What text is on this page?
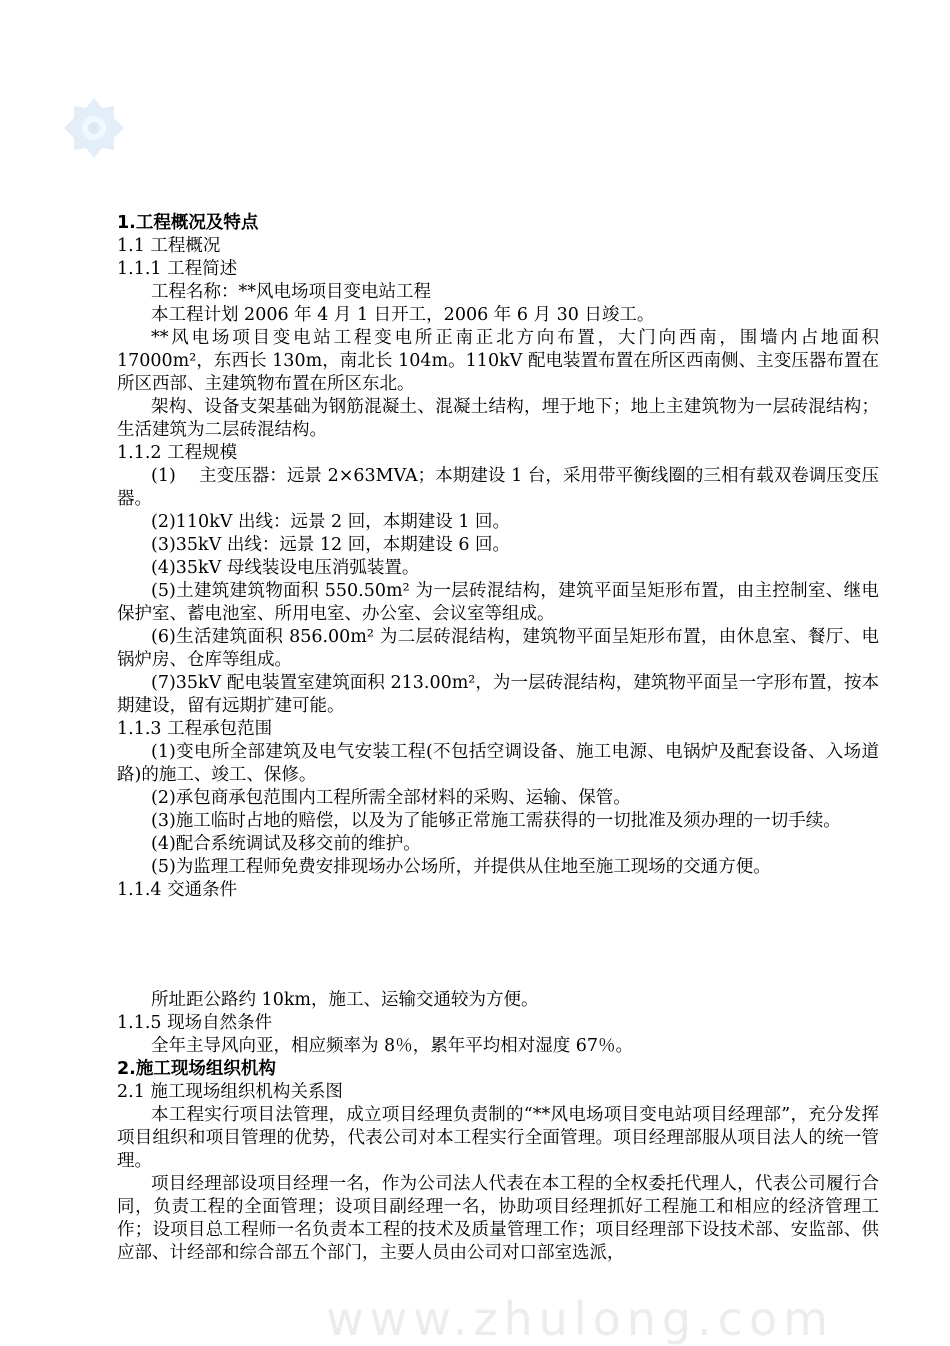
1.工程概况及特点

1.1 工程概况

1.1.1 工程简述

工程名称：**风电场项目变电站工程

本工程计划 2006 年 4 月 1 日开工，2006 年 6 月 30 日竣工。

**风电场项目变电站工程变电所正南正北方向布置，大门向西南，围墙内占地面积 17000m²，东西长 130m，南北长 104m。110kV 配电装置布置在所区西南侧、主变压器布置在所区西部、主建筑物布置在所区东北。

架构、设备支架基础为钢筋混凝土、混凝土结构，埋于地下；地上主建筑物为一层砖混结构；生活建筑为二层砖混结构。

1.1.2 工程规模

(1)　 主变压器：远景 2×63MVA；本期建设 1 台，采用带平衡线圈的三相有载双卷调压变压器。

(2)110kV 出线：远景 2 回，本期建设 1 回。

(3)35kV 出线：远景 12 回，本期建设 6 回。

(4)35kV 母线装设电压消弧装置。

(5)土建筑建筑物面积 550.50m² 为一层砖混结构，建筑平面呈矩形布置，由主控制室、继电保护室、蓄电池室、所用电室、办公室、会议室等组成。

(6)生活建筑面积 856.00m² 为二层砖混结构，建筑物平面呈矩形布置，由休息室、餐厅、电锅炉房、仓库等组成。

(7)35kV 配电装置室建筑面积 213.00m²，为一层砖混结构，建筑物平面呈一字形布置，按本期建设，留有远期扩建可能。

1.1.3 工程承包范围

(1)变电所全部建筑及电气安装工程(不包括空调设备、施工电源、电锅炉及配套设备、入场道路)的施工、竣工、保修。

(2)承包商承包范围内工程所需全部材料的采购、运输、保管。

(3)施工临时占地的赔偿，以及为了能够正常施工需获得的一切批准及须办理的一切手续。

(4)配合系统调试及移交前的维护。

(5)为监理工程师免费安排现场办公场所，并提供从住地至施工现场的交通方便。

1.1.4 交通条件

所址距公路约 10km，施工、运输交通较为方便。

1.1.5 现场自然条件

全年主导风向亚，相应频率为 8％，累年平均相对湿度 67％。

2.施工现场组织机构

2.1 施工现场组织机构关系图

本工程实行项目法管理，成立项目经理负责制的“**风电场项目变电站项目经理部”，充分发挥项目组织和项目管理的优势，代表公司对本工程实行全面管理。项目经理部服从项目法人的统一管理。

项目经理部设项目经理一名，作为公司法人代表在本工程的全权委托代理人，代表公司履行合同，负责工程的全面管理；设项目副经理一名，协助项目经理抓好工程施工和相应的经济管理工作；设项目总工程师一名负责本工程的技术及质量管理工作；项目经理部下设技术部、安监部、供应部、计经部和综合部五个部门，主要人员由公司对口部室选派，

www.zhulong.com
